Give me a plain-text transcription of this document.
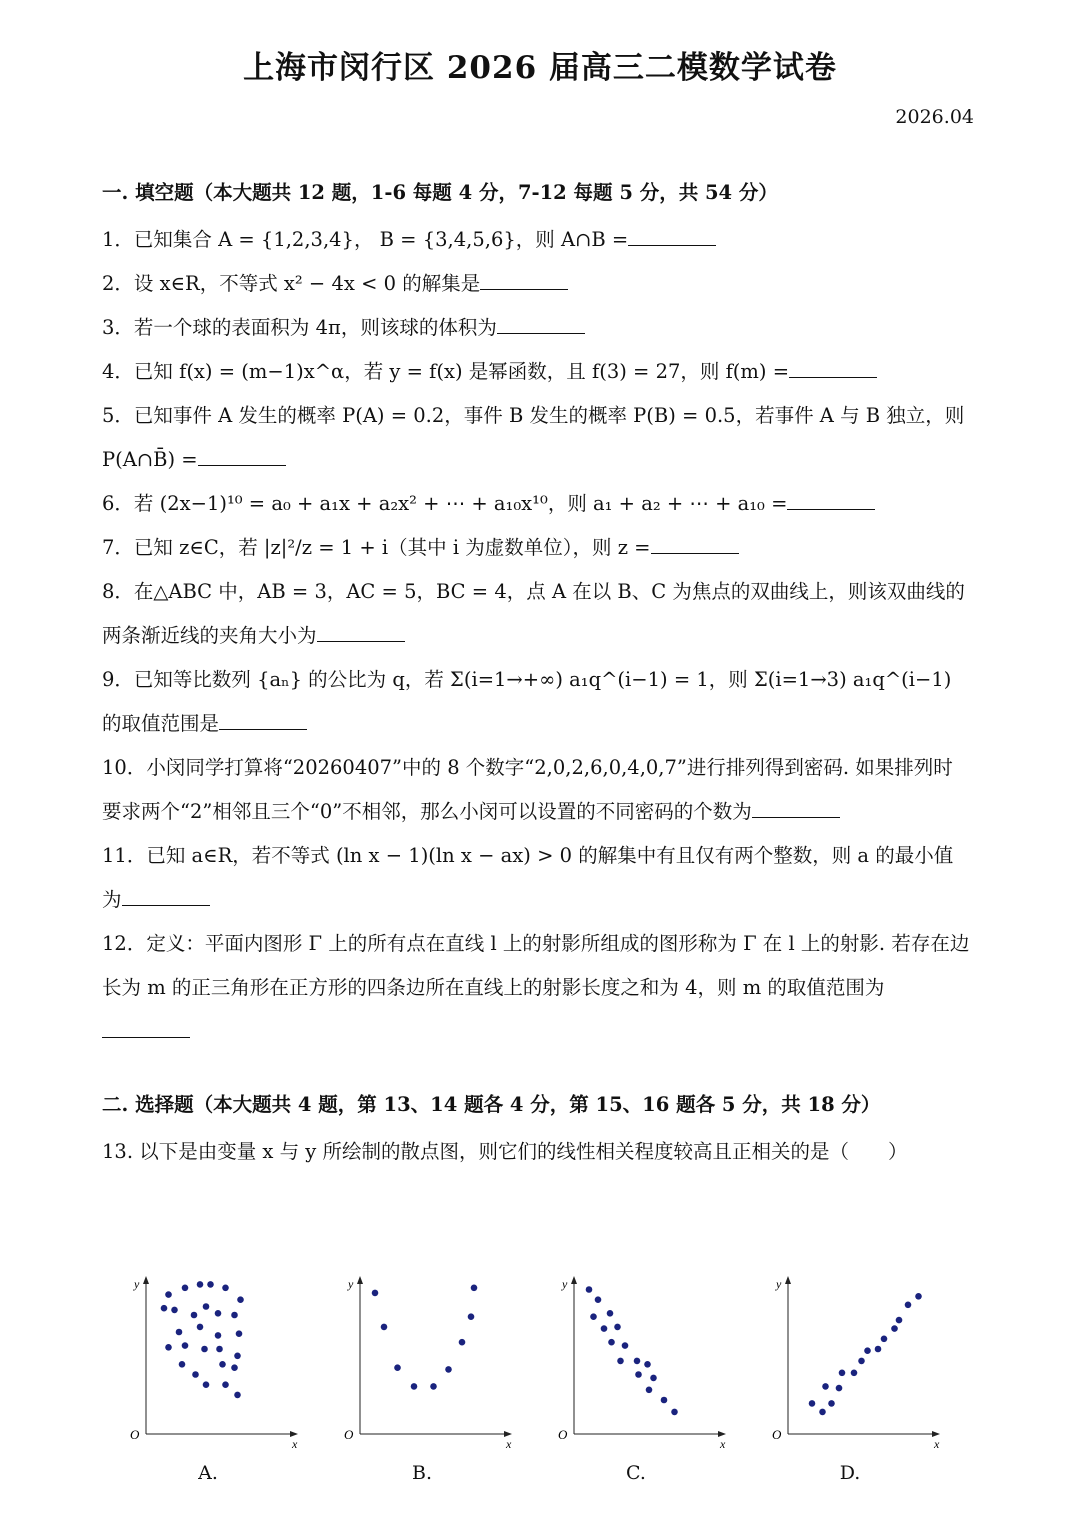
上海市闵行区 2026 届高三二模数学试卷
2026.04
一. 填空题（本大题共 12 题，1-6 每题 4 分，7-12 每题 5 分，共 54 分）
1．已知集合 A = {1,2,3,4}， B = {3,4,5,6}，则 A∩B =
2．设 x∈R，不等式 x² − 4x < 0 的解集是
3．若一个球的表面积为 4π，则该球的体积为
4．已知 f(x) = (m−1)x^α，若 y = f(x) 是幂函数，且 f(3) = 27，则 f(m) =
5．已知事件 A 发生的概率 P(A) = 0.2，事件 B 发生的概率 P(B) = 0.5，若事件 A 与 B 独立，则 P(A∩B̄) =
6．若 (2x−1)¹⁰ = a₀ + a₁x + a₂x² + ⋯ + a₁₀x¹⁰，则 a₁ + a₂ + ⋯ + a₁₀ =
7．已知 z∈C，若 |z|²/z = 1 + i（其中 i 为虚数单位），则 z =
8．在△ABC 中，AB = 3，AC = 5，BC = 4，点 A 在以 B、C 为焦点的双曲线上，则该双曲线的两条渐近线的夹角大小为
9．已知等比数列 {aₙ} 的公比为 q，若 Σ(i=1→+∞) a₁q^(i−1) = 1，则 Σ(i=1→3) a₁q^(i−1) 的取值范围是
10．小闵同学打算将“20260407”中的 8 个数字“2,0,2,6,0,4,0,7”进行排列得到密码. 如果排列时要求两个“2”相邻且三个“0”不相邻，那么小闵可以设置的不同密码的个数为
11．已知 a∈R，若不等式 (ln x − 1)(ln x − ax) > 0 的解集中有且仅有两个整数，则 a 的最小值为
12．定义：平面内图形 Γ 上的所有点在直线 l 上的射影所组成的图形称为 Γ 在 l 上的射影. 若存在边长为 m 的正三角形在正方形的四条边所在直线上的射影长度之和为 4，则 m 的取值范围为
二. 选择题（本大题共 4 题，第 13、14 题各 4 分，第 15、16 题各 5 分，共 18 分）
13. 以下是由变量 x 与 y 所绘制的散点图，则它们的线性相关程度较高且正相关的是（　　）
O
x
y
A.
O
x
y
B.
O
x
y
C.
O
x
y
D.
